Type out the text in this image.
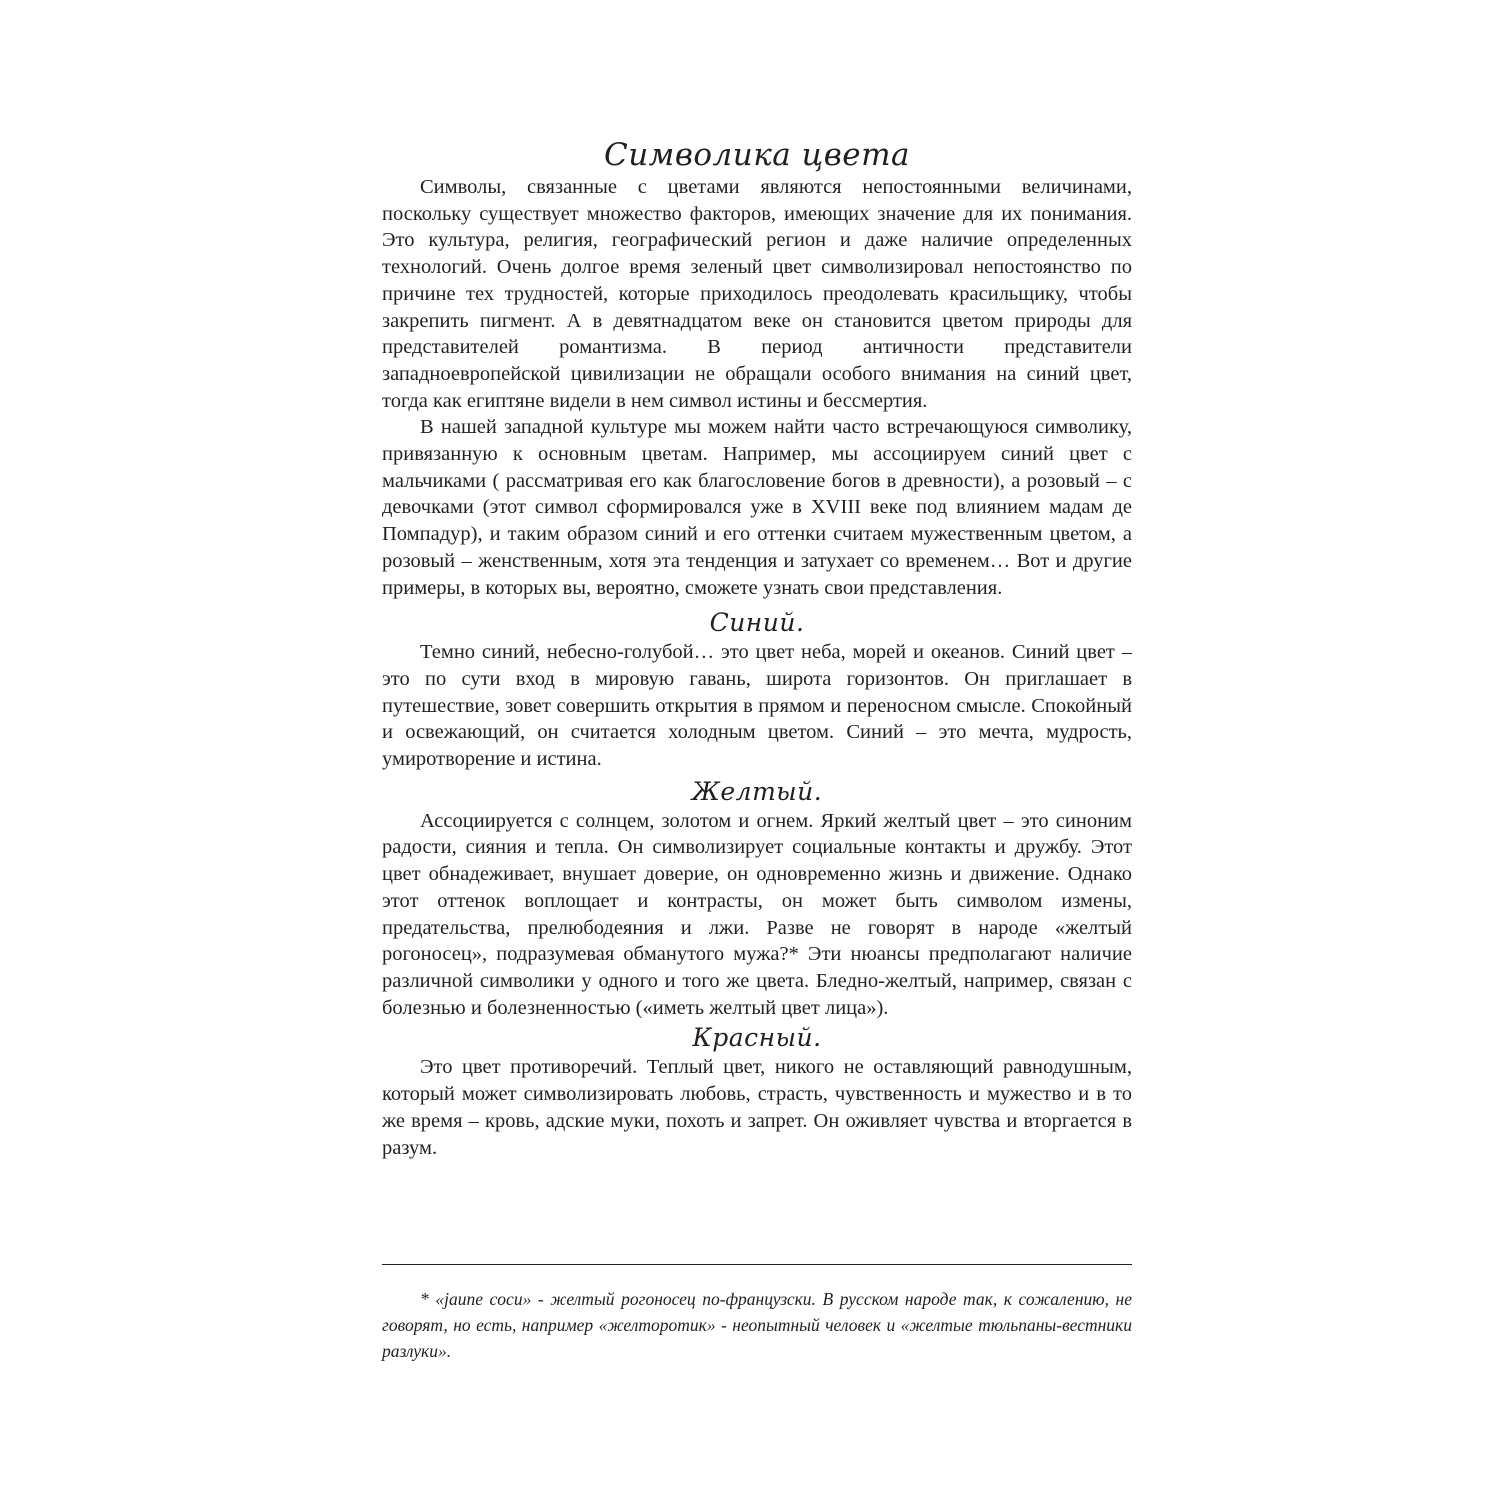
Символика цвета

Символы, связанные с цветами являются непостоянными величинами, поскольку существует множество факторов, имеющих значение для их понимания. Это культура, религия, географический регион и даже наличие определенных технологий. Очень долгое время зеленый цвет символизировал непостоянство по причине тех трудностей, которые приходилось преодолевать красильщику, чтобы закрепить пигмент. А в девятнадцатом веке он становится цветом природы для представителей романтизма. В период античности представители западноевропейской цивилизации не обращали особого внимания на синий цвет, тогда как египтяне видели в нем символ истины и бессмертия.

В нашей западной культуре мы можем найти часто встречающуюся символику, привязанную к основным цветам. Например, мы ассоциируем синий цвет с мальчиками ( рассматривая его как благословение богов в древности), а розовый – с девочками (этот символ сформировался уже в XVIII веке под влиянием мадам де Помпадур), и таким образом синий и его оттенки считаем мужественным цветом, а розовый – женственным, хотя эта тенденция и затухает со временем… Вот и другие примеры, в которых вы, вероятно, сможете узнать свои представления.

Синий.

Темно синий, небесно-голубой… это цвет неба, морей и океанов. Синий цвет – это по сути вход в мировую гавань, широта горизонтов. Он приглашает в путешествие, зовет совершить открытия в прямом и переносном смысле. Спокойный и освежающий, он считается холодным цветом. Синий – это мечта, мудрость, умиротворение и истина.

Желтый.

Ассоциируется с солнцем, золотом и огнем. Яркий желтый цвет – это синоним радости, сияния и тепла. Он символизирует социальные контакты и дружбу. Этот цвет обнадеживает, внушает доверие, он одновременно жизнь и движение. Однако этот оттенок воплощает и контрасты, он может быть символом измены, предательства, прелюбодеяния и лжи. Разве не говорят в народе «желтый рогоносец», подразумевая обманутого мужа?* Эти нюансы предполагают наличие различной символики у одного и того же цвета. Бледно-желтый, например, связан с болезнью и болезненностью («иметь желтый цвет лица»).

Красный.

Это цвет противоречий. Теплый цвет, никого не оставляющий равнодушным, который может символизировать любовь, страсть, чувственность и мужество и в то же время – кровь, адские муки, похоть и запрет. Он оживляет чувства и вторгается в разум.

* «jaune cocu» - желтый рогоносец по-французски. В русском народе так, к сожалению, не говорят, но есть, например «желторотик» - неопытный человек и «желтые тюльпаны-вестники разлуки».
